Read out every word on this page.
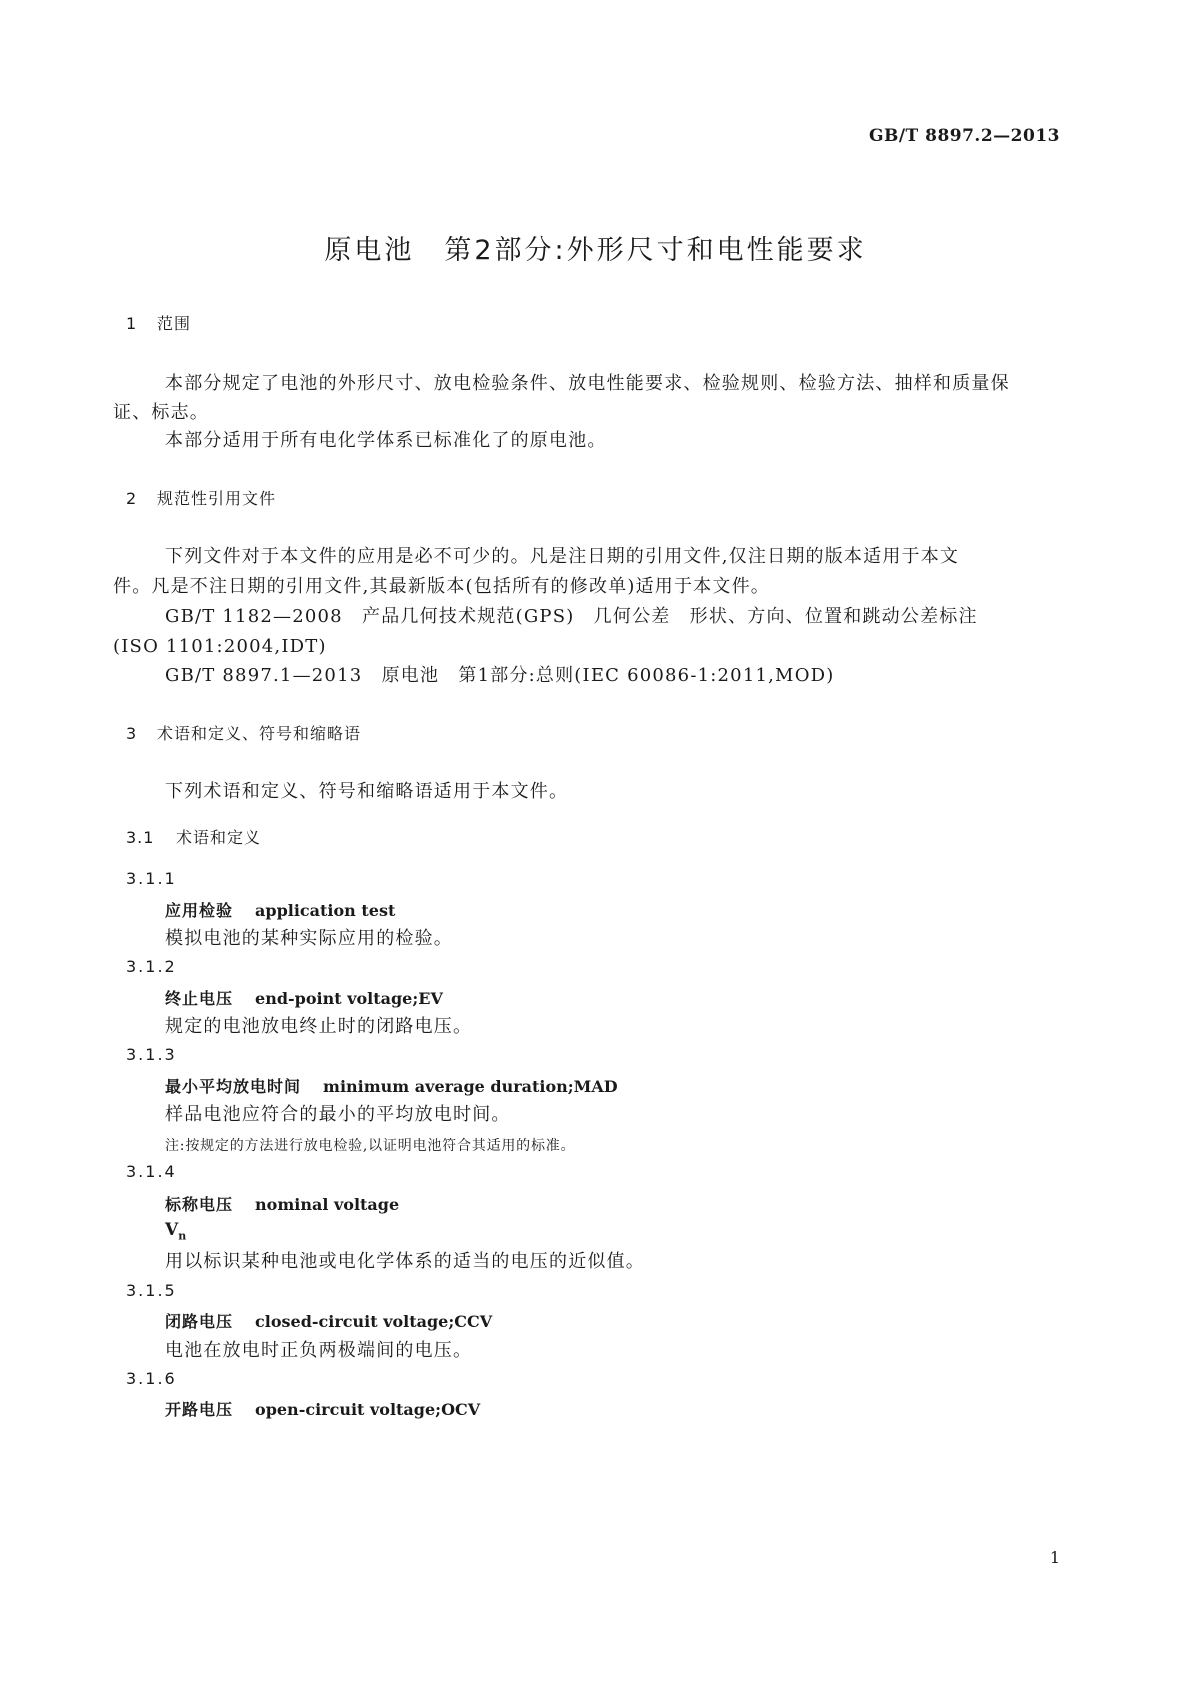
GB/T 8897.2—2013
原电池　第2部分:外形尺寸和电性能要求
1 范围
本部分规定了电池的外形尺寸、放电检验条件、放电性能要求、检验规则、检验方法、抽样和质量保
证、标志。
本部分适用于所有电化学体系已标准化了的原电池。
2 规范性引用文件
下列文件对于本文件的应用是必不可少的。凡是注日期的引用文件,仅注日期的版本适用于本文
件。凡是不注日期的引用文件,其最新版本(包括所有的修改单)适用于本文件。
GB/T 1182—2008　产品几何技术规范(GPS)　几何公差　形状、方向、位置和跳动公差标注
(ISO 1101:2004,IDT)
GB/T 8897.1—2013　原电池　第1部分:总则(IEC 60086-1:2011,MOD)
3 术语和定义、符号和缩略语
下列术语和定义、符号和缩略语适用于本文件。
3.1 术语和定义
3.1.1
应用检验 application test
模拟电池的某种实际应用的检验。
3.1.2
终止电压 end-point voltage;EV
规定的电池放电终止时的闭路电压。
3.1.3
最小平均放电时间 minimum average duration;MAD
样品电池应符合的最小的平均放电时间。
注:按规定的方法进行放电检验,以证明电池符合其适用的标准。
3.1.4
标称电压 nominal voltage
$V_n$
用以标识某种电池或电化学体系的适当的电压的近似值。
3.1.5
闭路电压 closed-circuit voltage;CCV
电池在放电时正负两极端间的电压。
3.1.6
开路电压 open-circuit voltage;OCV
1
